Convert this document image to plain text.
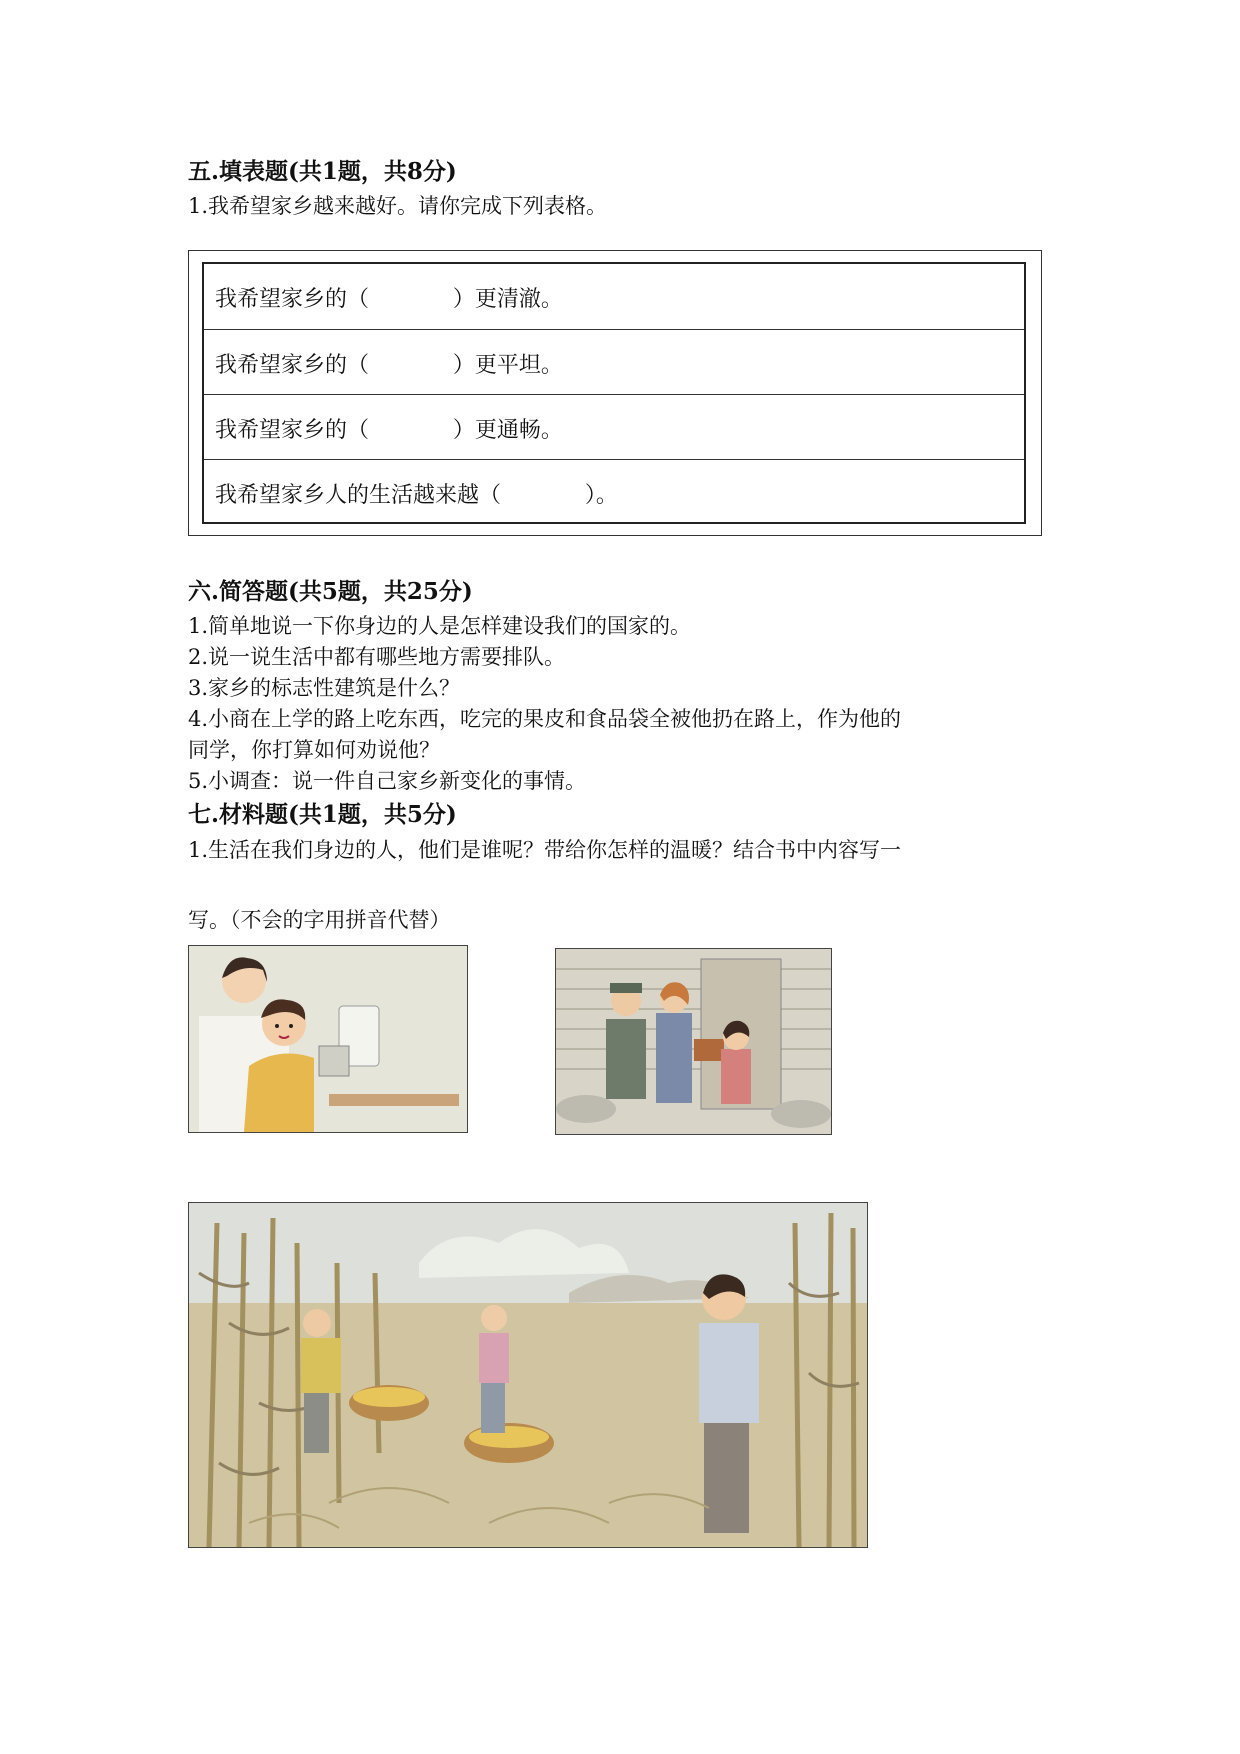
五.填表题(共1题，共8分)
1.我希望家乡越来越好。请你完成下列表格。
我希望家乡的（            ）更清澈。
我希望家乡的（            ）更平坦。
我希望家乡的（            ）更通畅。
我希望家乡人的生活越来越（            ）。
六.简答题(共5题，共25分)
1.简单地说一下你身边的人是怎样建设我们的国家的。
2.说一说生活中都有哪些地方需要排队。
3.家乡的标志性建筑是什么？
4.小商在上学的路上吃东西，吃完的果皮和食品袋全被他扔在路上，作为他的
同学，你打算如何劝说他？
5.小调查：说一件自己家乡新变化的事情。
七.材料题(共1题，共5分)
1.生活在我们身边的人，他们是谁呢？带给你怎样的温暖？结合书中内容写一
写。（不会的字用拼音代替）
